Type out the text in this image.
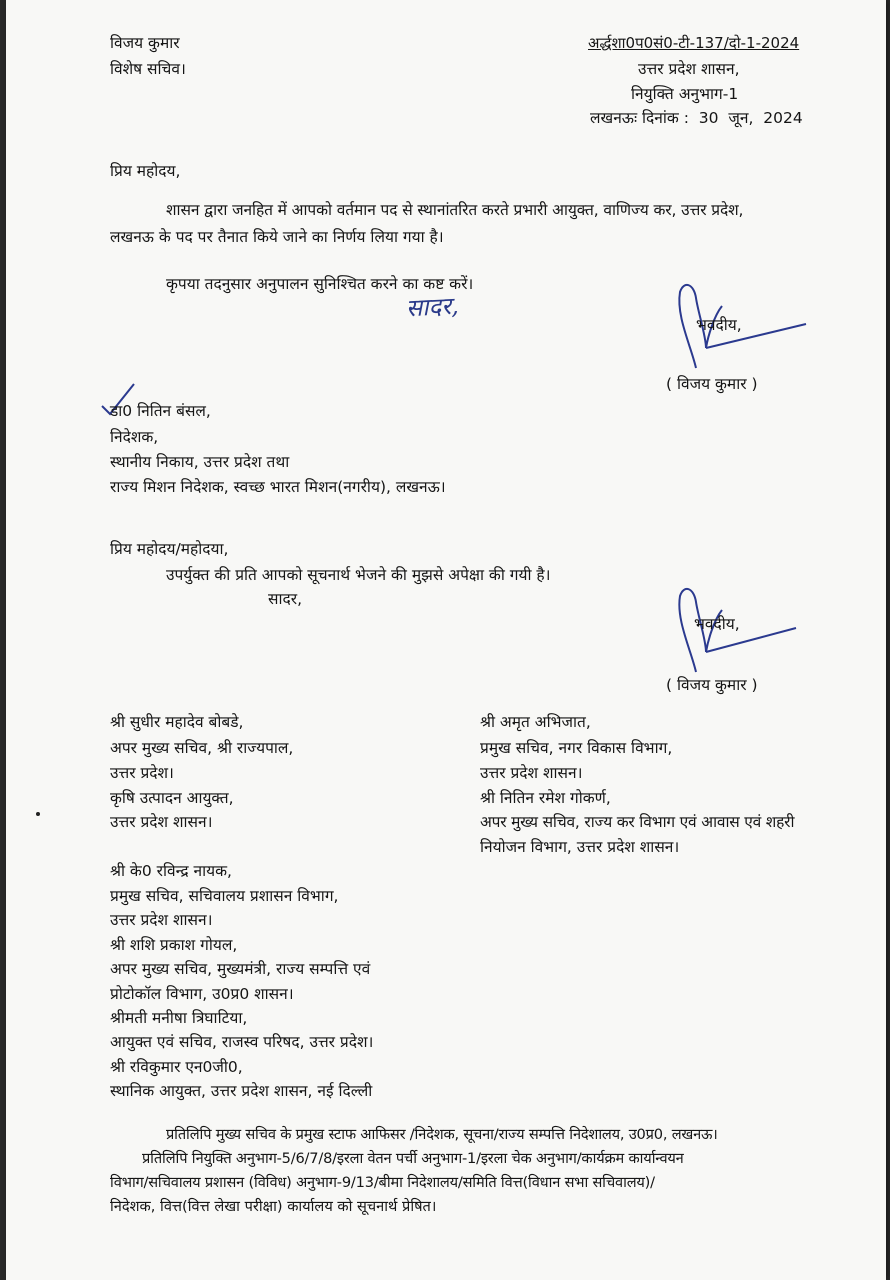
विजय कुमार
विशेष सचिव।
अर्द्धशा0प0सं0-टी-137/दो-1-2024
उत्तर प्रदेश शासन,
नियुक्ति अनुभाग-1
लखनऊः दिनांक :  30  जून,  2024
प्रिय महोदय,
शासन द्वारा जनहित में आपको वर्तमान पद से स्थानांतरित करते प्रभारी आयुक्त, वाणिज्य कर, उत्तर प्रदेश,
लखनऊ के पद पर तैनात किये जाने का निर्णय लिया गया है।
कृपया तदनुसार अनुपालन सुनिश्चित करने का कष्ट करें।
सादर,
भवदीय,
( विजय कुमार )
डा0 नितिन बंसल,
निदेशक,
स्थानीय निकाय, उत्तर प्रदेश तथा
राज्य मिशन निदेशक, स्वच्छ भारत मिशन(नगरीय), लखनऊ।
प्रिय महोदय/महोदया,
उपर्युक्त की प्रति आपको सूचनार्थ भेजने की मुझसे अपेक्षा की गयी है।
सादर,
भवदीय,
( विजय कुमार )
श्री सुधीर महादेव बोबडे,
अपर मुख्य सचिव, श्री राज्यपाल,
उत्तर प्रदेश।
कृषि उत्पादन आयुक्त,
उत्तर प्रदेश शासन।
श्री अमृत अभिजात,
प्रमुख सचिव, नगर विकास विभाग,
उत्तर प्रदेश शासन।
श्री नितिन रमेश गोकर्ण,
अपर मुख्य सचिव, राज्य कर विभाग एवं आवास एवं शहरी
नियोजन विभाग, उत्तर प्रदेश शासन।
श्री के0 रविन्द्र नायक,
प्रमुख सचिव, सचिवालय प्रशासन विभाग,
उत्तर प्रदेश शासन।
श्री शशि प्रकाश गोयल,
अपर मुख्य सचिव, मुख्यमंत्री, राज्य सम्पत्ति एवं
प्रोटोकॉल विभाग, उ0प्र0 शासन।
श्रीमती मनीषा त्रिघाटिया,
आयुक्त एवं सचिव, राजस्व परिषद, उत्तर प्रदेश।
श्री रविकुमार एन0जी0,
स्थानिक आयुक्त, उत्तर प्रदेश शासन, नई दिल्ली
प्रतिलिपि मुख्य सचिव के प्रमुख स्टाफ आफिसर /निदेशक, सूचना/राज्य सम्पत्ति निदेशालय, उ0प्र0, लखनऊ।
प्रतिलिपि नियुक्ति अनुभाग-5/6/7/8/इरला वेतन पर्ची अनुभाग-1/इरला चेक अनुभाग/कार्यक्रम कार्यान्वयन
विभाग/सचिवालय प्रशासन (विविध) अनुभाग-9/13/बीमा निदेशालय/समिति वित्त(विधान सभा सचिवालय)/
निदेशक, वित्त(वित्त लेखा परीक्षा) कार्यालय को सूचनार्थ प्रेषित।
